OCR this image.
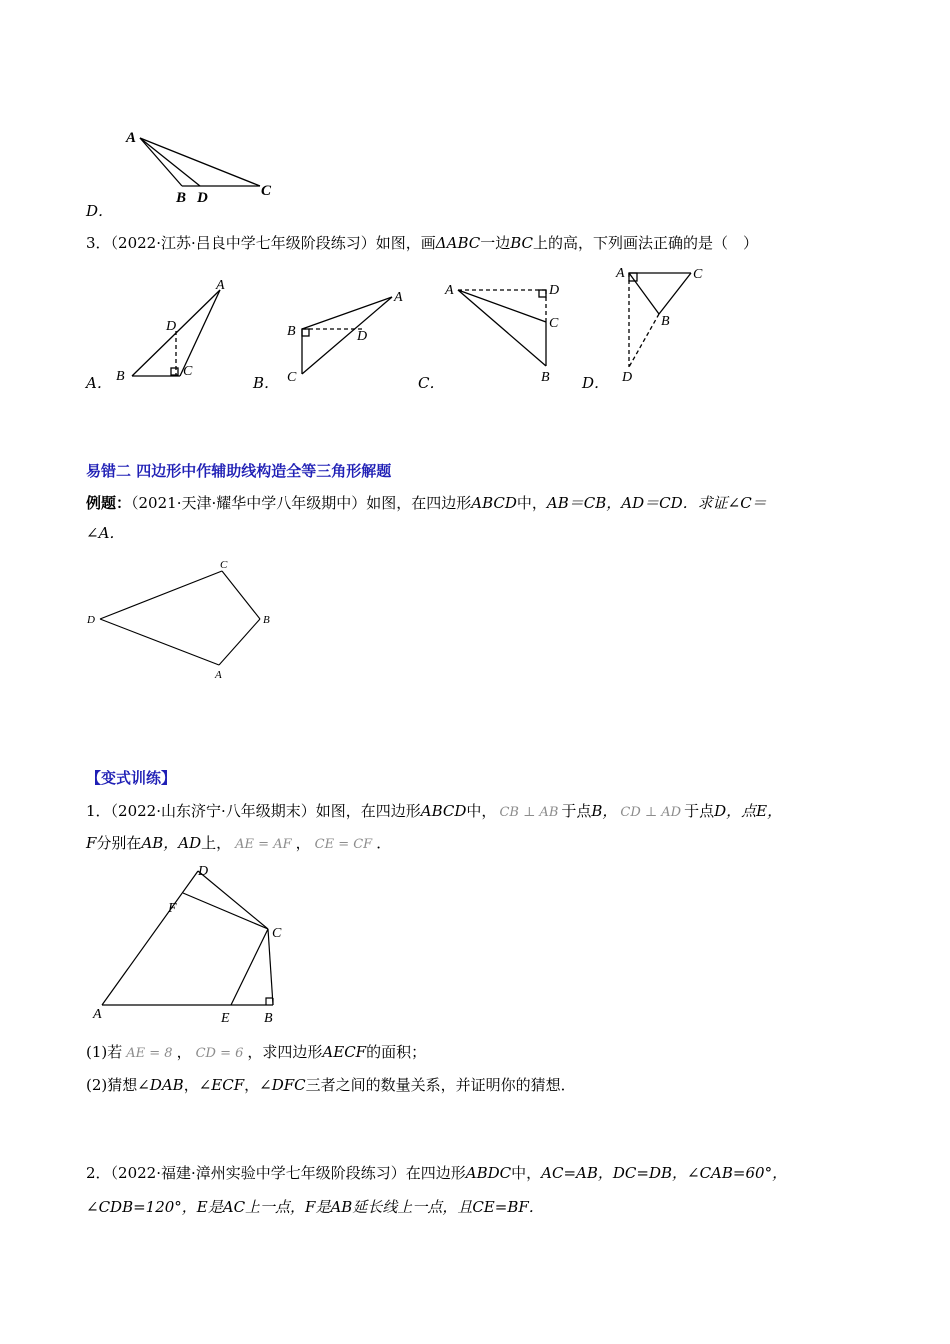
A
B D	C
D．
3．（2022·江苏·吕良中学七年级阶段练习）如图，画ΔABC一边BC上的高，下列画法正确的是（　）
A
D
B	C
A
B	D
C
A	D
C
B
A	C
B
D
A．	B．	C．	D．
易错二 四边形中作辅助线构造全等三角形解题
例题：（2021·天津·耀华中学八年级期中）如图，在四边形ABCD中，AB＝CB，AD＝CD．求证∠C＝
∠A．
C
D	B
A
【变式训练】
1．（2022·山东济宁·八年级期末）如图，在四边形ABCD中， CB ⊥ AB 于点B， CD ⊥ AD 于点D，点E，
F分别在AB，AD上， AE = AF ， CE = CF ．
D
F
C
A	E B
(1)若 AE = 8 ， CD = 6 ，求四边形AECF的面积；
(2)猜想∠DAB，∠ECF，∠DFC三者之间的数量关系，并证明你的猜想．
2．（2022·福建·漳州实验中学七年级阶段练习）在四边形ABDC中，AC=AB，DC=DB，∠CAB=60°，
∠CDB=120°，E是AC上一点，F是AB延长线上一点，且CE=BF．
